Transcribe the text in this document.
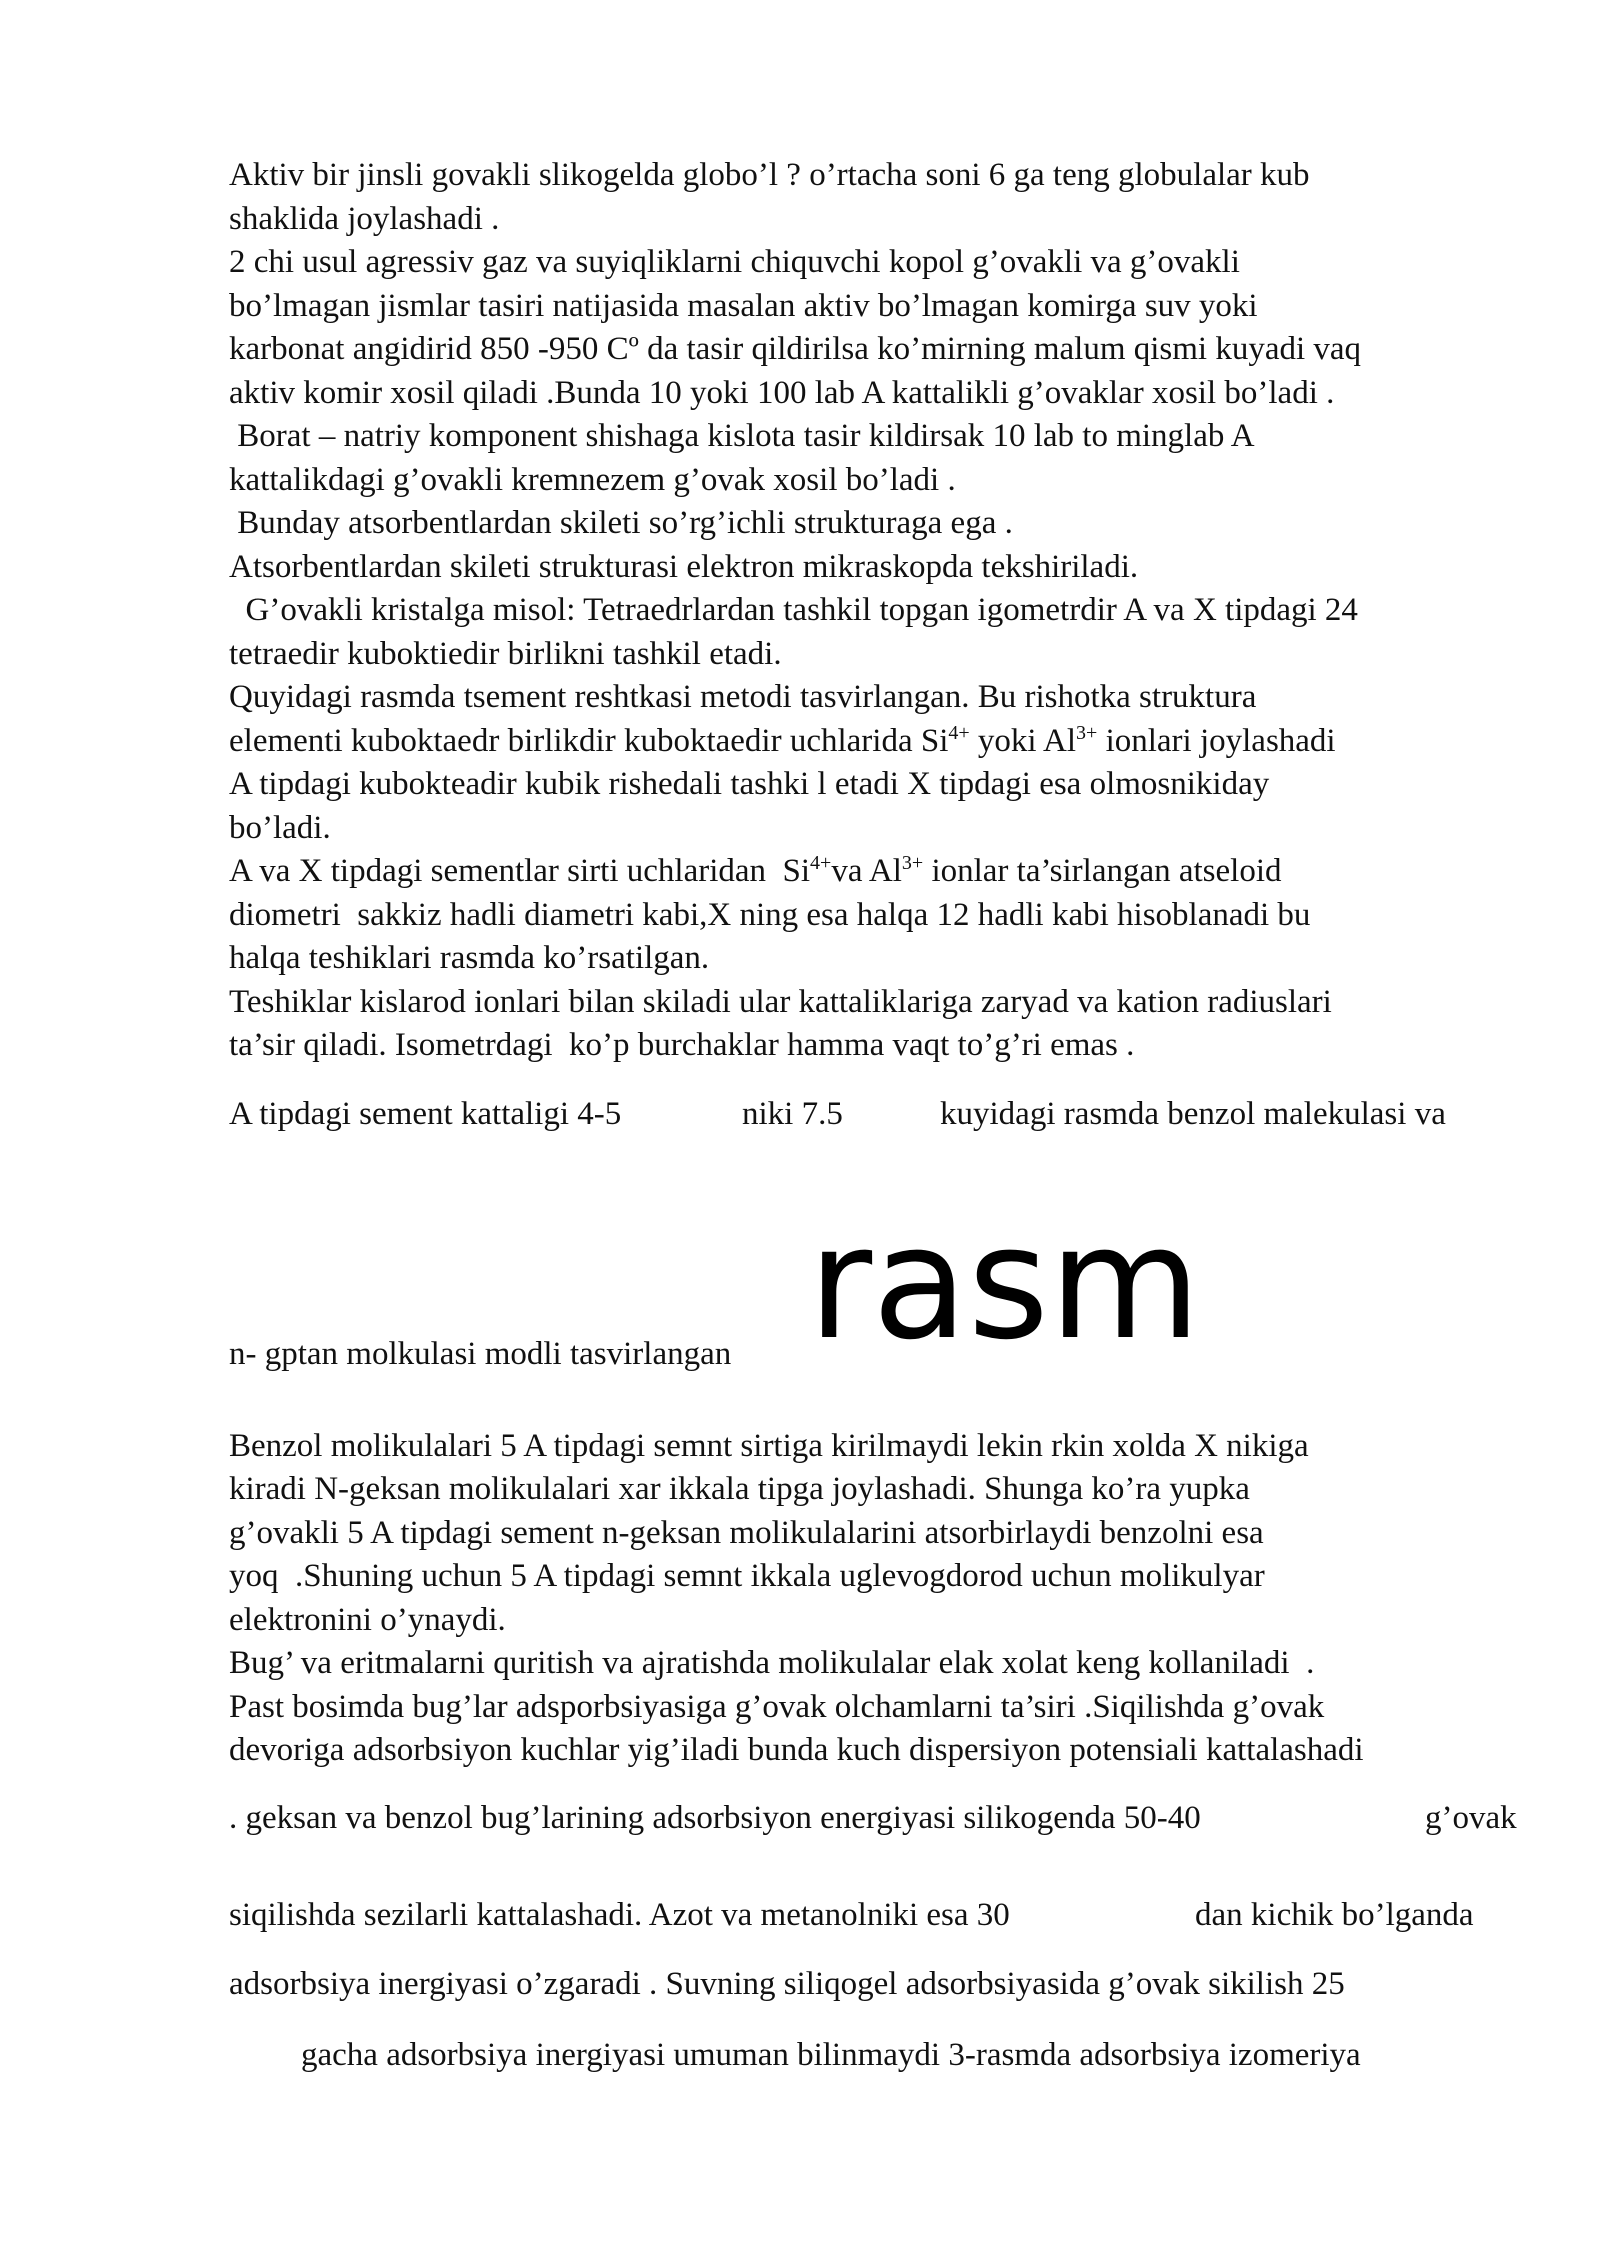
Aktiv bir jinsli govakli slikogelda globo’l ? o’rtacha soni 6 ga teng globulalar kub
shaklida joylashadi .
2 chi usul agressiv gaz va suyiqliklarni chiquvchi kopol g’ovakli va g’ovakli
bo’lmagan jismlar tasiri natijasida masalan aktiv bo’lmagan komirga suv yoki
karbonat angidirid 850 -950 Cº da tasir qildirilsa ko’mirning malum qismi kuyadi vaq
aktiv komir xosil qiladi .Bunda 10 yoki 100 lab A kattalikli g’ovaklar xosil bo’ladi .
Borat – natriy komponent shishaga kislota tasir kildirsak 10 lab to minglab A
kattalikdagi g’ovakli kremnezem g’ovak xosil bo’ladi .
Bunday atsorbentlardan skileti so’rg’ichli strukturaga ega .
Atsorbentlardan skileti strukturasi elektron mikraskopda tekshiriladi.
G’ovakli kristalga misol: Tetraedrlardan tashkil topgan igometrdir A va X tipdagi 24
tetraedir kuboktiedir birlikni tashkil etadi.
Quyidagi rasmda tsement reshtkasi metodi tasvirlangan. Bu rishotka struktura
elementi kuboktaedr birlikdir kuboktaedir uchlarida $Si^{4+}$ yoki $Al^{3+}$ ionlari joylashadi
A tipdagi kubokteadir kubik rishedali tashki l etadi X tipdagi esa olmosnikiday
bo’ladi.
A va X tipdagi sementlar sirti uchlaridan  $Si^{4+}va$ $Al^{3+}$ ionlar ta’sirlangan atseloid
diometri  sakkiz hadli diametri kabi,X ning esa halqa 12 hadli kabi hisoblanadi bu
halqa teshiklari rasmda ko’rsatilgan.
Teshiklar kislarod ionlari bilan skiladi ular kattaliklariga zaryad va kation radiuslari
ta’sir qiladi. Isometrdagi  ko’p burchaklar hamma vaqt to’g’ri emas .
A tipdagi sement kattaligi 4-5	niki 7.5	kuyidagi rasmda benzol malekulasi va
n- gptan molkulasi modli tasvirlangan rasm
Benzol molikulalari 5 A tipdagi semnt sirtiga kirilmaydi lekin rkin xolda X nikiga
kiradi N-geksan molikulalari xar ikkala tipga joylashadi. Shunga ko’ra yupka
g’ovakli 5 A tipdagi sement n-geksan molikulalarini atsorbirlaydi benzolni esa
yoq  .Shuning uchun 5 A tipdagi semnt ikkala uglevogdorod uchun molikulyar
elektronini o’ynaydi.
Bug’ va eritmalarni quritish va ajratishda molikulalar elak xolat keng kollaniladi  .
Past bosimda bug’lar adsporbsiyasiga g’ovak olchamlarni ta’siri .Siqilishda g’ovak
devoriga adsorbsiyon kuchlar yig’iladi bunda kuch dispersiyon potensiali kattalashadi
. geksan va benzol bug’larining adsorbsiyon energiyasi silikogenda 50-40	g’ovak
siqilishda sezilarli kattalashadi. Azot va metanolniki esa 30	dan kichik bo’lganda
adsorbsiya inergiyasi o’zgaradi . Suvning siliqogel adsorbsiyasida g’ovak sikilish 25
gacha adsorbsiya inergiyasi umuman bilinmaydi 3-rasmda adsorbsiya izomeriya
